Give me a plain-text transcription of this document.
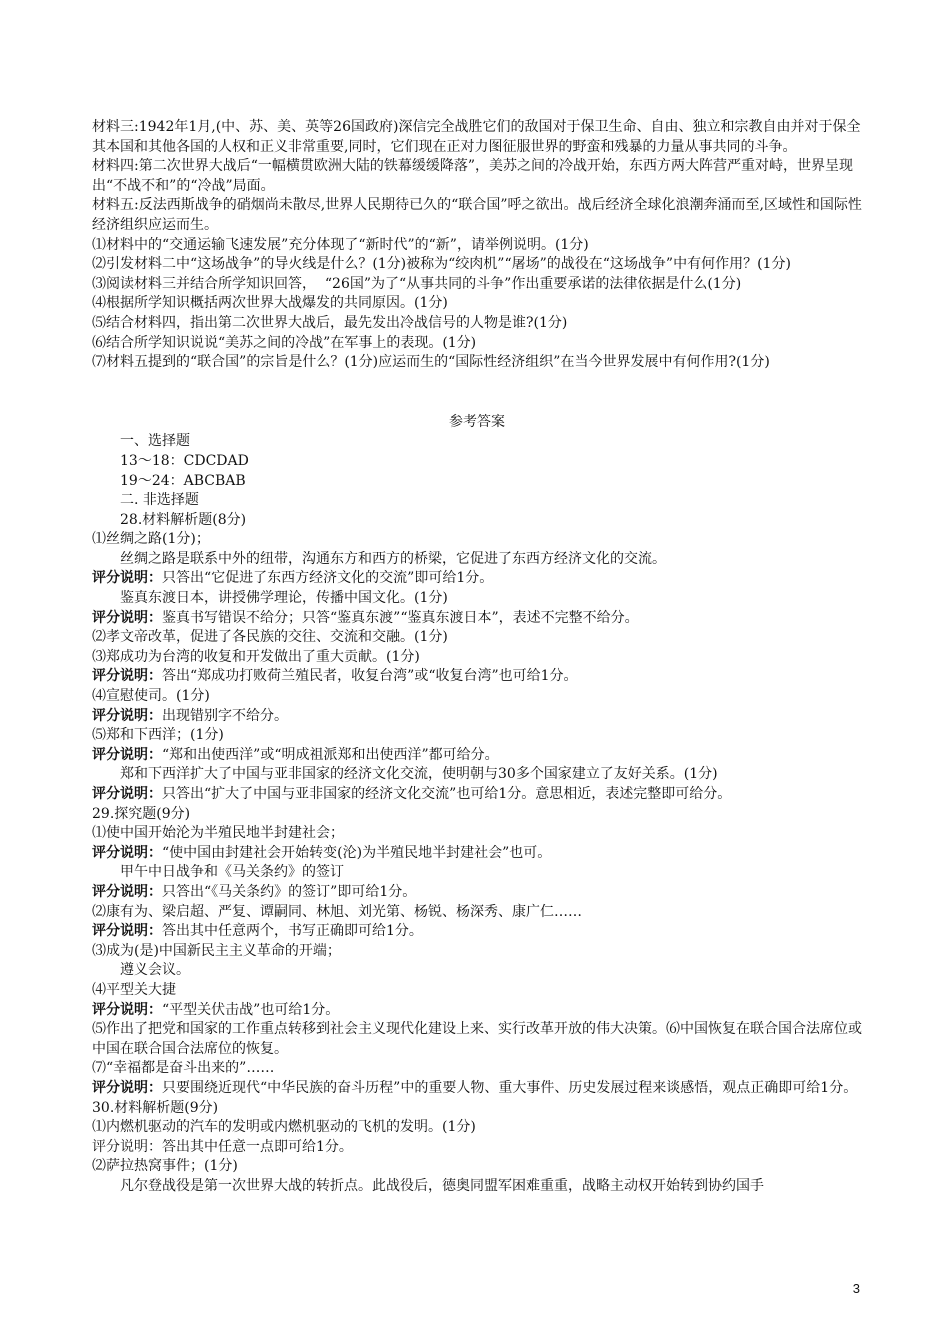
材料三:1942年1月,(中、苏、美、英等26国政府)深信完全战胜它们的敌国对于保卫生命、自由、独立和宗教自由并对于保全其本国和其他各国的人权和正义非常重要,同时，它们现在正对力图征服世界的野蛮和残暴的力量从事共同的斗争。

材料四:第二次世界大战后“一幅横贯欧洲大陆的铁幕缓缓降落”，美苏之间的冷战开始，东西方两大阵营严重对峙，世界呈现出“不战不和”的“冷战”局面。

材料五:反法西斯战争的硝烟尚未散尽,世界人民期待已久的“联合国”呼之欲出。战后经济全球化浪潮奔涌而至,区域性和国际性经济组织应运而生。

⑴材料中的“交通运输飞速发展”充分体现了“新时代”的“新”，请举例说明。(1分)

⑵引发材料二中“这场战争”的导火线是什么？(1分)被称为“绞肉机”“屠场”的战役在“这场战争”中有何作用？(1分)

⑶阅读材料三并结合所学知识回答，  “26国”为了“从事共同的斗争”作出重要承诺的法律依据是什么(1分)

⑷根据所学知识概括两次世界大战爆发的共同原因。(1分)

⑸结合材料四，指出第二次世界大战后，最先发出冷战信号的人物是谁?(1分)

⑹结合所学知识说说“美苏之间的冷战”在军事上的表现。(1分)

⑺材料五提到的“联合国”的宗旨是什么？(1分)应运而生的“国际性经济组织”在当今世界发展中有何作用?(1分)

参考答案

一、选择题

13～18：CDCDAD

19～24：ABCBAB

二. 非选择题

28.材料解析题(8分)

⑴丝绸之路(1分)；

丝绸之路是联系中外的纽带，沟通东方和西方的桥梁，它促进了东西方经济文化的交流。

评分说明：只答出“它促进了东西方经济文化的交流”即可给1分。

鉴真东渡日本，讲授佛学理论，传播中国文化。(1分)

评分说明：鉴真书写错误不给分；只答“鉴真东渡”“鉴真东渡日本”，表述不完整不给分。

⑵孝文帝改革，促进了各民族的交往、交流和交融。(1分)

⑶郑成功为台湾的收复和开发做出了重大贡献。(1分)

评分说明：答出“郑成功打败荷兰殖民者，收复台湾”或“收复台湾”也可给1分。

⑷宣慰使司。(1分)

评分说明：出现错别字不给分。

⑸郑和下西洋；(1分)

评分说明：“郑和出使西洋”或“明成祖派郑和出使西洋”都可给分。

郑和下西洋扩大了中国与亚非国家的经济文化交流，使明朝与30多个国家建立了友好关系。(1分)

评分说明：只答出“扩大了中国与亚非国家的经济文化交流”也可给1分。意思相近，表述完整即可给分。

29.探究题(9分)

⑴使中国开始沦为半殖民地半封建社会；

评分说明：“使中国由封建社会开始转变(沦)为半殖民地半封建社会”也可。

甲午中日战争和《马关条约》的签订

评分说明：只答出“《马关条约》的签订”即可给1分。

⑵康有为、梁启超、严复、谭嗣同、林旭、刘光第、杨锐、杨深秀、康广仁……

评分说明：答出其中任意两个，书写正确即可给1分。

⑶成为(是)中国新民主主义革命的开端；

遵义会议。

⑷平型关大捷

评分说明：“平型关伏击战”也可给1分。

⑸作出了把党和国家的工作重点转移到社会主义现代化建设上来、实行改革开放的伟大决策。⑹中国恢复在联合国合法席位或中国在联合国合法席位的恢复。

⑺“幸福都是奋斗出来的”……

评分说明：只要围绕近现代“中华民族的奋斗历程”中的重要人物、重大事件、历史发展过程来谈感悟，观点正确即可给1分。

30.材料解析题(9分)

⑴内燃机驱动的汽车的发明或内燃机驱动的飞机的发明。(1分)

评分说明：答出其中任意一点即可给1分。

⑵萨拉热窝事件；(1分)

凡尔登战役是第一次世界大战的转折点。此战役后，德奥同盟军困难重重，战略主动权开始转到协约国手

3
